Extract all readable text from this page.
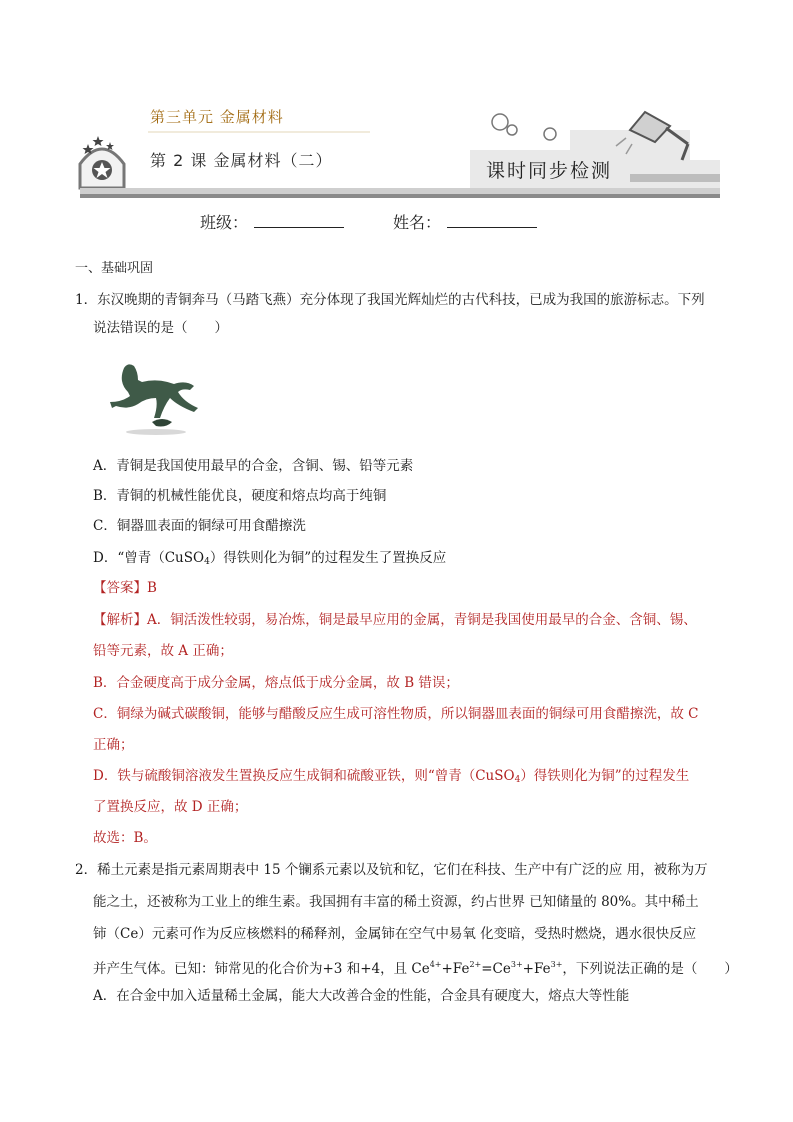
第三单元 金属材料
第 2 课 金属材料（二）	课时同步检测
班级：	姓名：
一、基础巩固
1．东汉晚期的青铜奔马（马踏飞燕）充分体现了我国光辉灿烂的古代科技，已成为我国的旅游标志。下列
说法错误的是（　　）
A．青铜是我国使用最早的合金，含铜、锡、铅等元素
B．青铜的机械性能优良，硬度和熔点均高于纯铜
C．铜器皿表面的铜绿可用食醋擦洗
D．“曾青（CuSO$_4$）得铁则化为铜”的过程发生了置换反应
【答案】B
【解析】A．铜活泼性较弱，易冶炼，铜是最早应用的金属，青铜是我国使用最早的合金、含铜、锡、
铅等元素，故 A 正确；
B．合金硬度高于成分金属，熔点低于成分金属，故 B 错误；
C．铜绿为碱式碳酸铜，能够与醋酸反应生成可溶性物质，所以铜器皿表面的铜绿可用食醋擦洗，故 C
正确；
D．铁与硫酸铜溶液发生置换反应生成铜和硫酸亚铁，则“曾青（CuSO$_4$）得铁则化为铜”的过程发生
了置换反应，故 D 正确；
故选：B。
2．稀土元素是指元素周期表中 15 个镧系元素以及钪和钇，它们在科技、生产中有广泛的应 用，被称为万
能之土，还被称为工业上的维生素。我国拥有丰富的稀土资源，约占世界 已知储量的 80%。其中稀土
铈（Ce）元素可作为反应核燃料的稀释剂，金属铈在空气中易氧 化变暗，受热时燃烧，遇水很快反应
并产生气体。已知：铈常见的化合价为+3 和+4，且 $Ce^{4+}+Fe^{2+}=Ce^{3+}+Fe^{3+}$，下列说法正确的是（　　）
A．在合金中加入适量稀土金属，能大大改善合金的性能，合金具有硬度大，熔点大等性能
